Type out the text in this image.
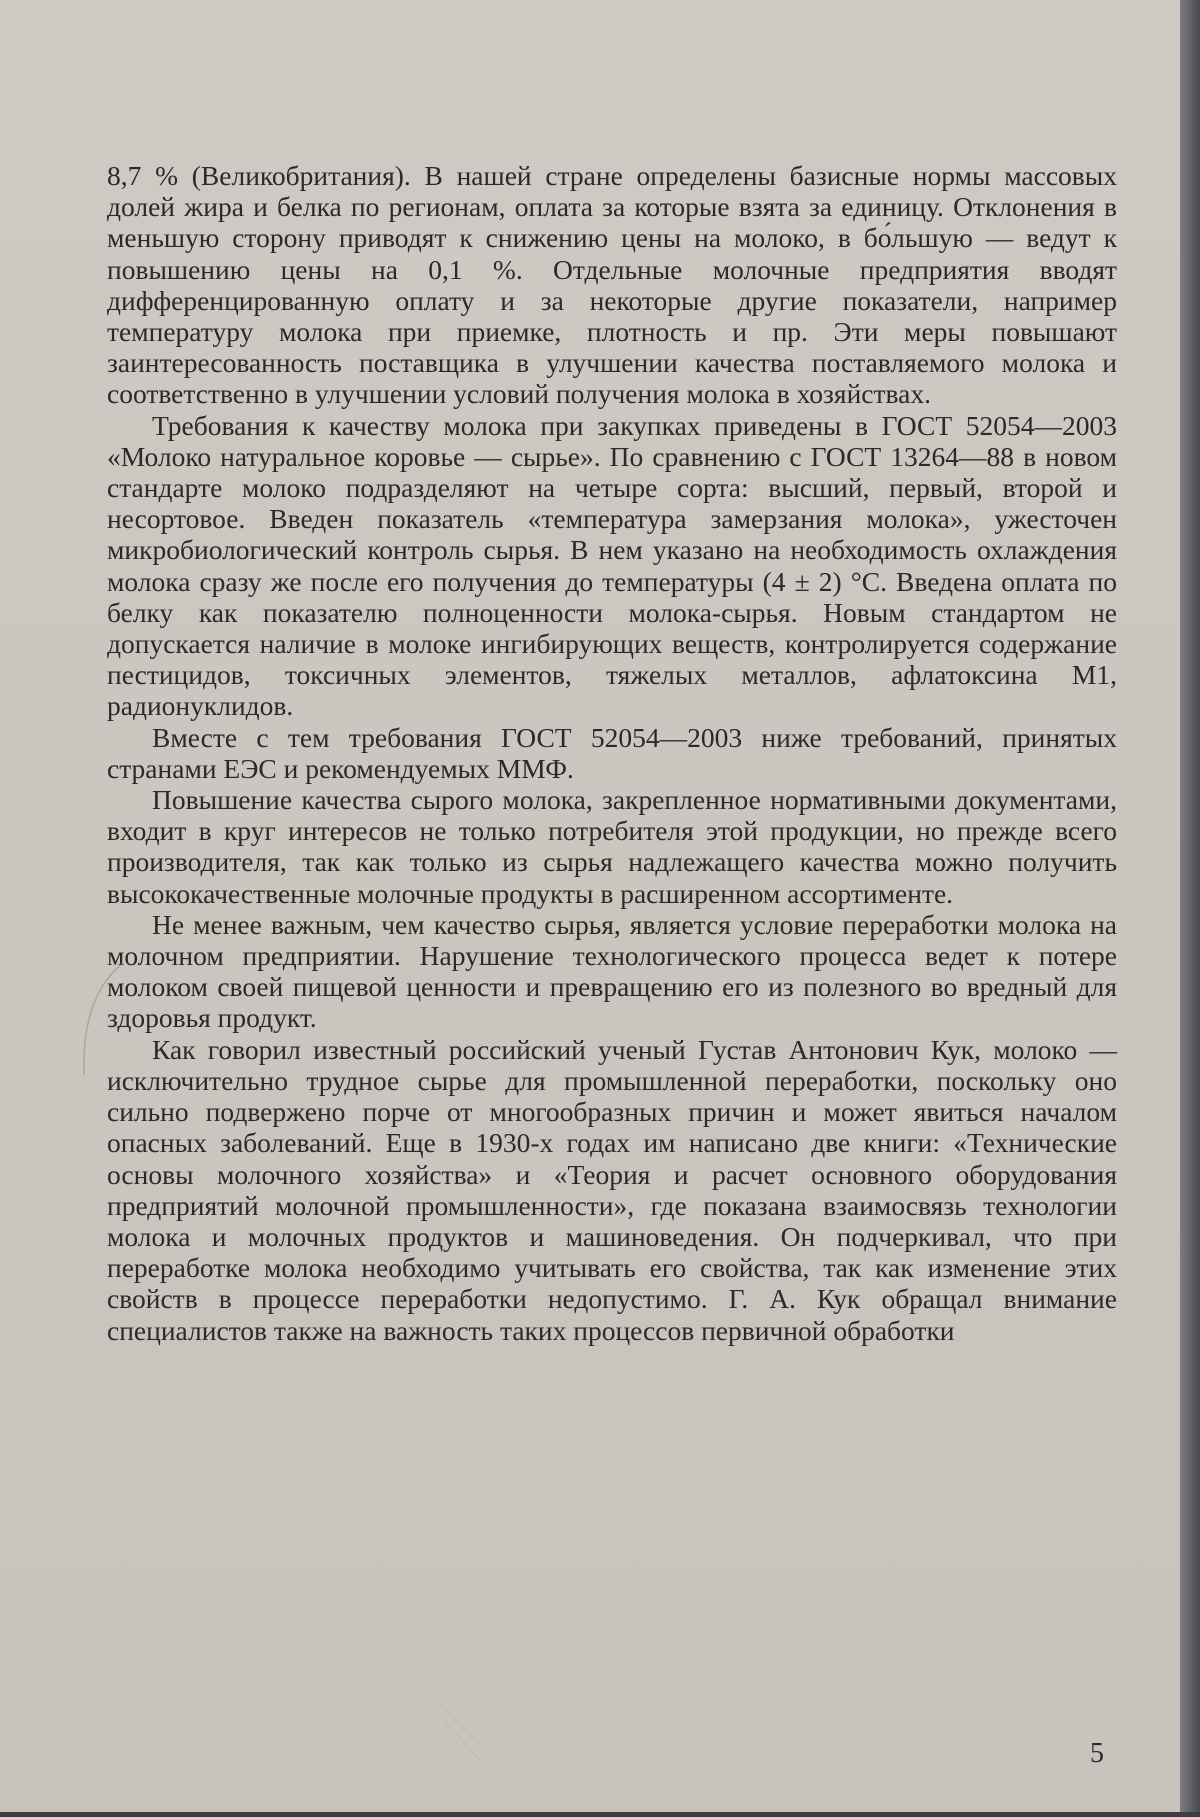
8,7 % (Великобритания). В нашей стране определены базисные нормы массовых долей жира и белка по регионам, оплата за которые взята за единицу. Отклонения в меньшую сторону приводят к снижению цены на молоко, в бо́льшую — ведут к повышению цены на 0,1 %. Отдельные молочные предприятия вводят дифференцированную оплату и за некоторые другие показатели, например температуру молока при приемке, плотность и пр. Эти меры повышают заинтересованность поставщика в улучшении качества поставляемого молока и соответственно в улучшении условий получения молока в хозяйствах.

Требования к качеству молока при закупках приведены в ГОСТ 52054—2003 «Молоко натуральное коровье — сырье». По сравнению с ГОСТ 13264—88 в новом стандарте молоко подразделяют на четыре сорта: высший, первый, второй и несортовое. Введен показатель «температура замерзания молока», ужесточен микробиологический контроль сырья. В нем указано на необходимость охлаждения молока сразу же после его получения до температуры (4 ± 2) °С. Введена оплата по белку как показателю полноценности молока-сырья. Новым стандартом не допускается наличие в молоке ингибирующих веществ, контролируется содержание пестицидов, токсичных элементов, тяжелых металлов, афлатоксина М1, радионуклидов.

Вместе с тем требования ГОСТ 52054—2003 ниже требований, принятых странами ЕЭС и рекомендуемых ММФ.

Повышение качества сырого молока, закрепленное нормативными документами, входит в круг интересов не только потребителя этой продукции, но прежде всего производителя, так как только из сырья надлежащего качества можно получить высококачественные молочные продукты в расширенном ассортименте.

Не менее важным, чем качество сырья, является условие переработки молока на молочном предприятии. Нарушение технологического процесса ведет к потере молоком своей пищевой ценности и превращению его из полезного во вредный для здоровья продукт.

Как говорил известный российский ученый Густав Антонович Кук, молоко — исключительно трудное сырье для промышленной переработки, поскольку оно сильно подвержено порче от многообразных причин и может явиться началом опасных заболеваний. Еще в 1930-х годах им написано две книги: «Технические основы молочного хозяйства» и «Теория и расчет основного оборудования предприятий молочной промышленности», где показана взаимосвязь технологии молока и молочных продуктов и машиноведения. Он подчеркивал, что при переработке молока необходимо учитывать его свойства, так как изменение этих свойств в процессе переработки недопустимо. Г. А. Кук обращал внимание специалистов также на важность таких процессов первичной обработки

5
